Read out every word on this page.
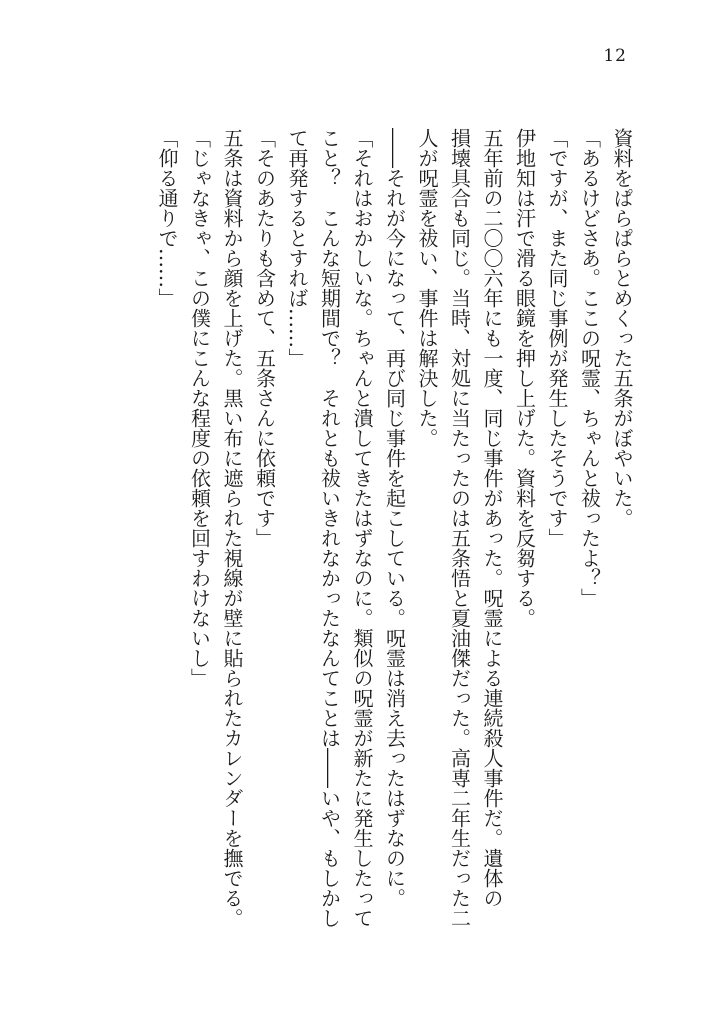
12

資料をぱらぱらとめくった五条がぼやいた。

「あるけどさあ。ここの呪霊、ちゃんと祓ったよ？」

「ですが、また同じ事例が発生したそうです」

伊地知は汗で滑る眼鏡を押し上げた。資料を反芻する。

五年前の二〇〇六年にも一度、同じ事件があった。呪霊による連続殺人事件だ。遺体の

損壊具合も同じ。当時、対処に当たったのは五条悟と夏油傑だった。高専二年生だった二

人が呪霊を祓い、事件は解決した。

――それが今になって、再び同じ事件を起こしている。呪霊は消え去ったはずなのに。

「それはおかしいな。ちゃんと潰してきたはずなのに。類似の呪霊が新たに発生したって

こと？　こんな短期間で？　それとも祓いきれなかったなんてことは――いや、もしかし

て再発するとすれば……」

「そのあたりも含めて、五条さんに依頼です」

五条は資料から顔を上げた。黒い布に遮られた視線が壁に貼られたカレンダーを撫でる。

「じゃなきゃ、この僕にこんな程度の依頼を回すわけないし」

「仰る通りで……」
